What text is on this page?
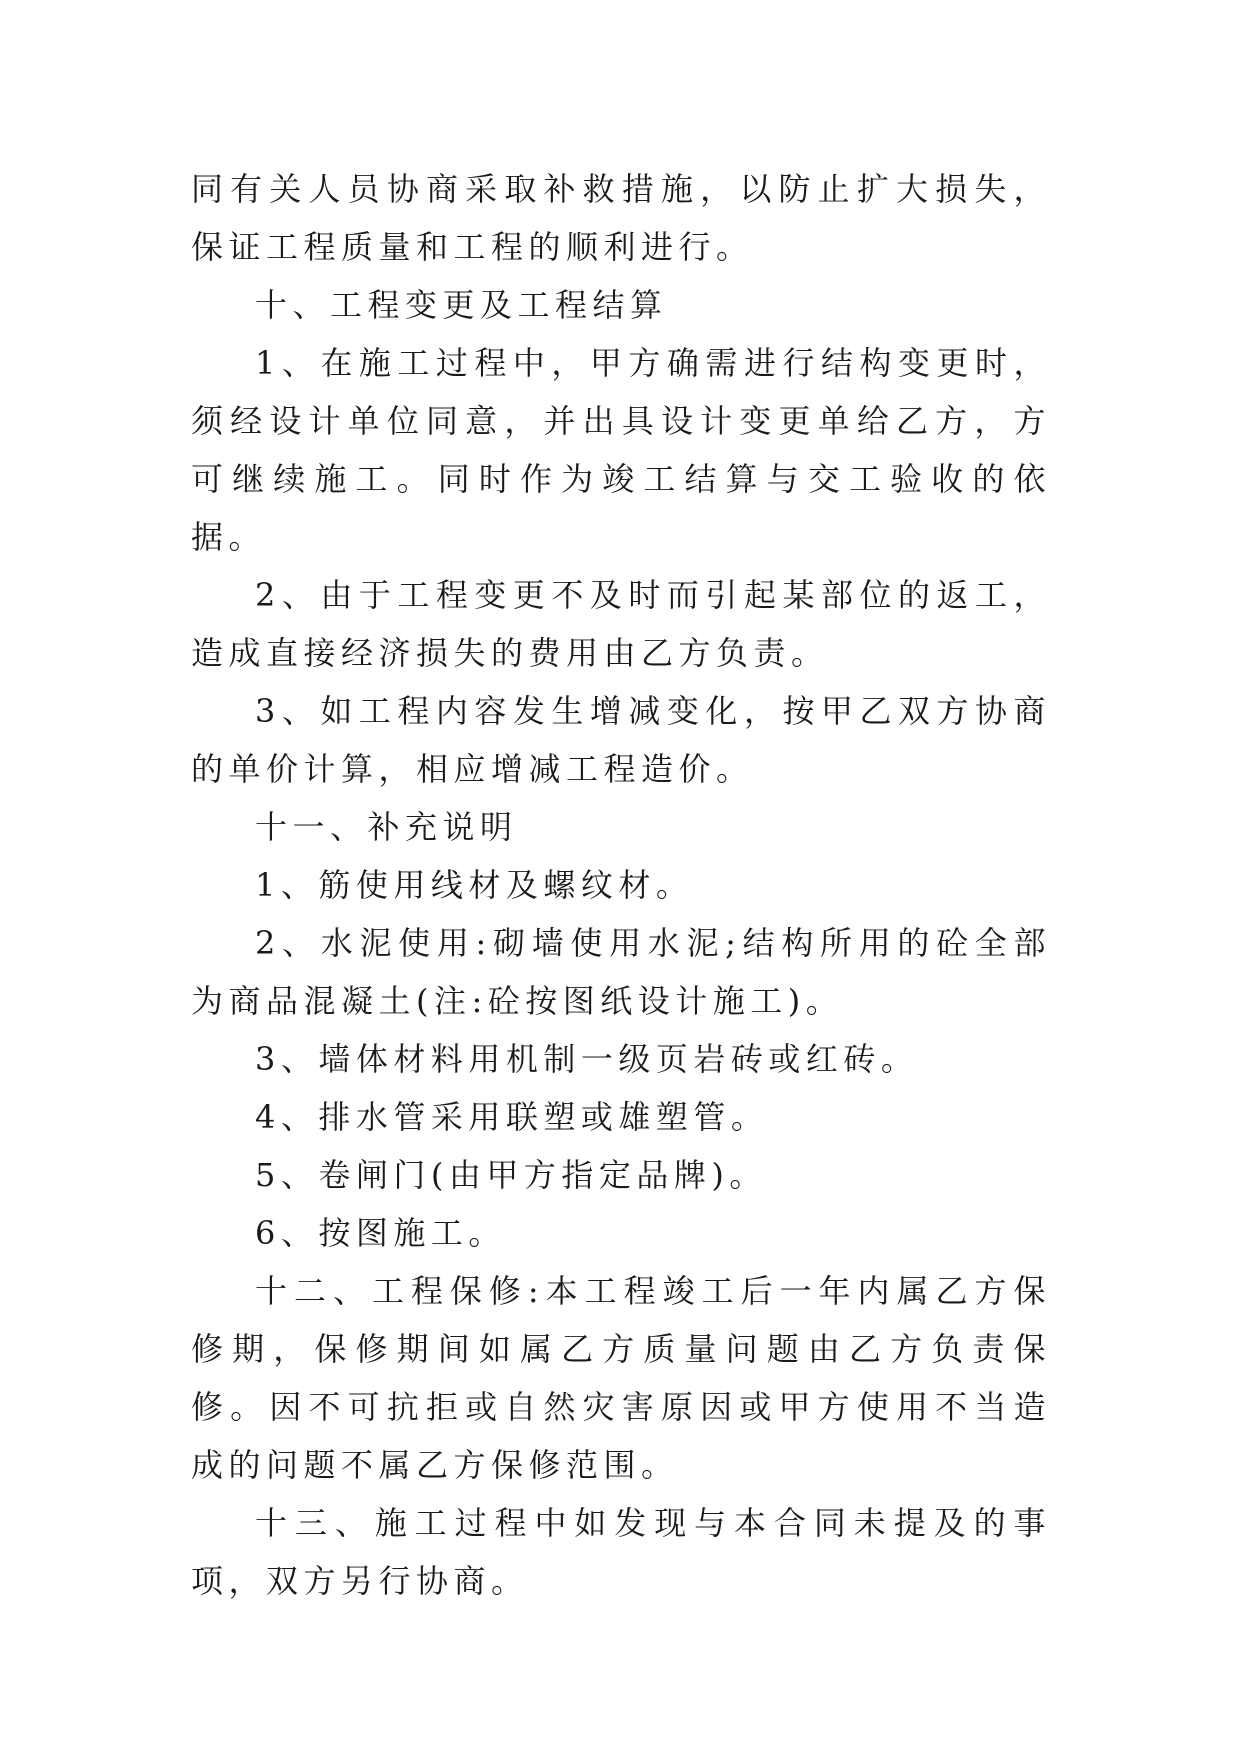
同有关人员协商采取补救措施，以防止扩大损失，保证工程质量和工程的顺利进行。

十、工程变更及工程结算

1、在施工过程中，甲方确需进行结构变更时，须经设计单位同意，并出具设计变更单给乙方，方可继续施工。同时作为竣工结算与交工验收的依据。

2、由于工程变更不及时而引起某部位的返工，造成直接经济损失的费用由乙方负责。

3、如工程内容发生增减变化，按甲乙双方协商的单价计算，相应增减工程造价。

十一、补充说明

1、筋使用线材及螺纹材。

2、水泥使用:砌墙使用水泥;结构所用的砼全部为商品混凝土(注:砼按图纸设计施工)。

3、墙体材料用机制一级页岩砖或红砖。

4、排水管采用联塑或雄塑管。

5、卷闸门(由甲方指定品牌)。

6、按图施工。

十二、工程保修:本工程竣工后一年内属乙方保修期，保修期间如属乙方质量问题由乙方负责保修。因不可抗拒或自然灾害原因或甲方使用不当造成的问题不属乙方保修范围。

十三、施工过程中如发现与本合同未提及的事项，双方另行协商。
